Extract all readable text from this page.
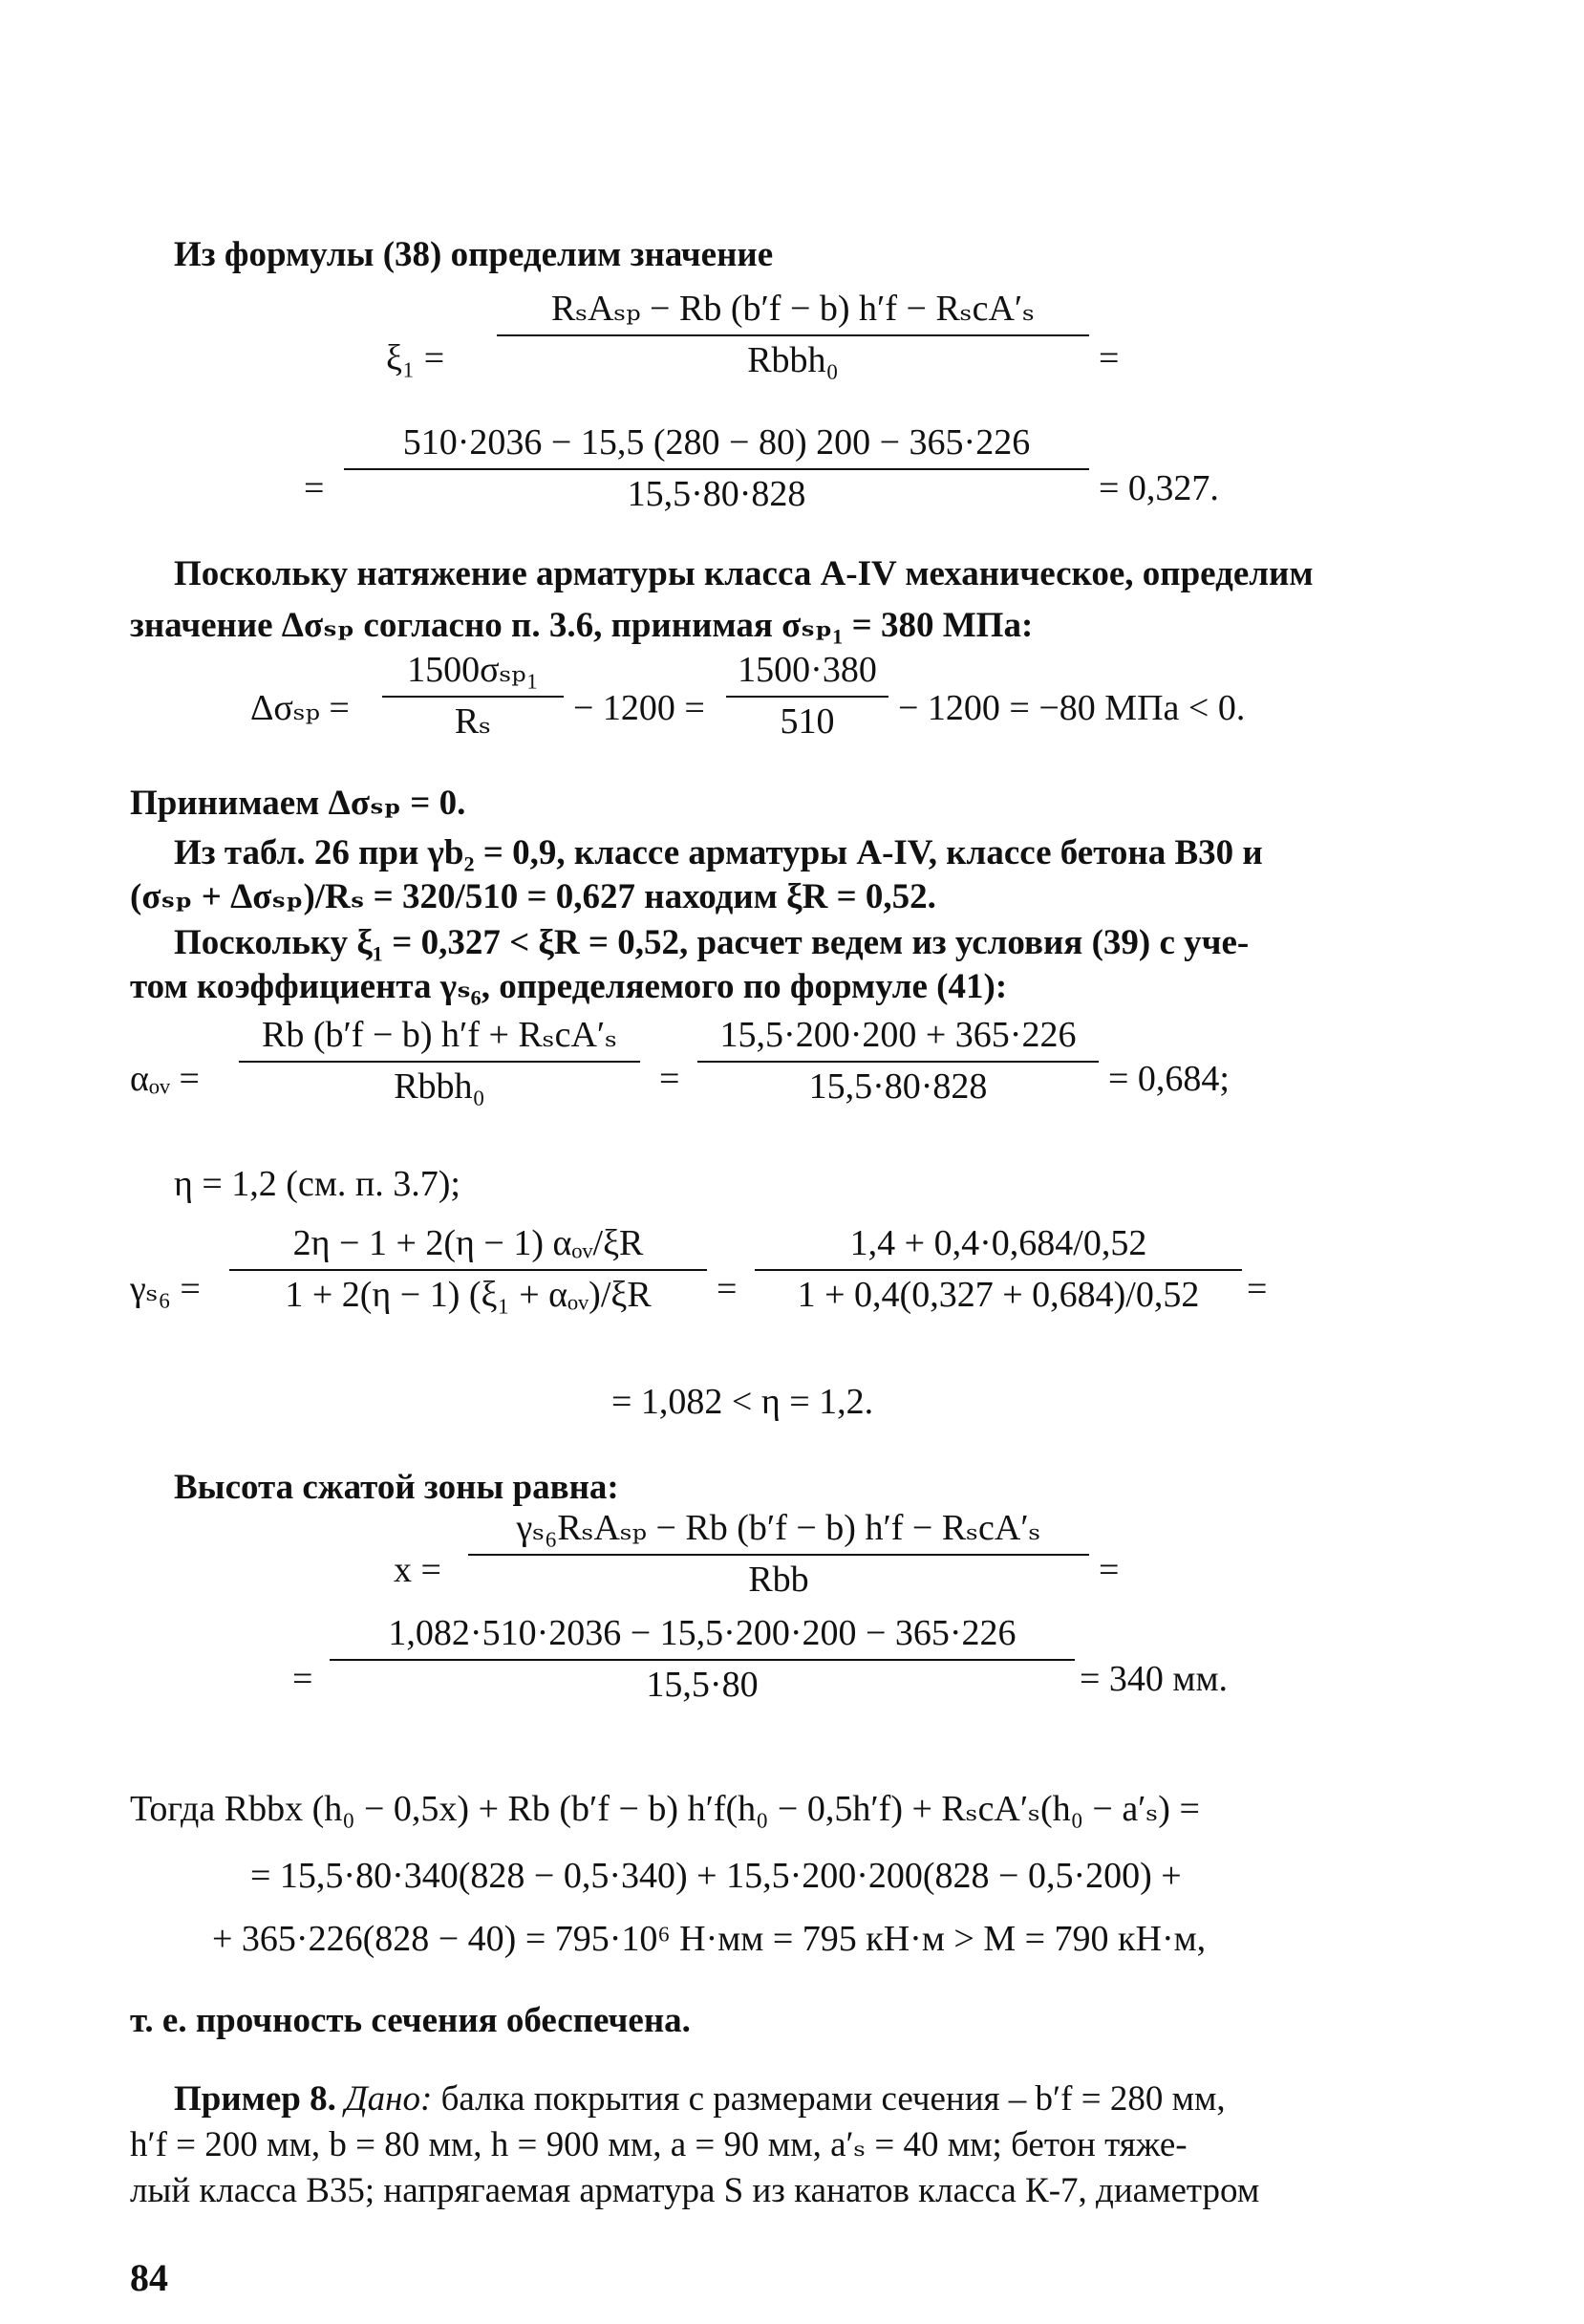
Из формулы (38) определим значение
ξ₁ =
RₛAₛₚ − Rb (b′f − b) h′f − RₛcA′ₛ
Rbbh₀	=
=
510·2036 − 15,5 (280 − 80) 200 − 365·226
15,5·80·828	= 0,327.
Поскольку натяжение арматуры класса A-IV механическое, определим
значение Δσₛₚ согласно п. 3.6, принимая σₛₚ₁ = 380 МПа:
Δσₛₚ =
1500σₛₚ₁
Rₛ − 1200 =
1500·380
510 − 1200 = −80 МПа < 0.
Принимаем Δσₛₚ = 0.
Из табл. 26 при γb₂ = 0,9, классе арматуры A-IV, классе бетона B30 и
(σₛₚ + Δσₛₚ)/Rₛ = 320/510 = 0,627 находим ξR = 0,52.
Поскольку ξ₁ = 0,327 < ξR = 0,52, расчет ведем из условия (39) с уче-
том коэффициента γₛ₆, определяемого по формуле (41):
αₒᵥ =
Rb (b′f − b) h′f + RₛcA′ₛ
Rbbh₀	=
15,5·200·200 + 365·226
15,5·80·828	= 0,684;
η = 1,2 (см. п. 3.7);
γₛ₆ =
2η − 1 + 2(η − 1) αₒᵥ/ξR
1 + 2(η − 1) (ξ₁ + αₒᵥ)/ξR =
1,4 + 0,4·0,684/0,52
1 + 0,4(0,327 + 0,684)/0,52 =
= 1,082 < η = 1,2.
Высота сжатой зоны равна:
x =
γₛ₆RₛAₛₚ − Rb (b′f − b) h′f − RₛcA′ₛ
Rbb	=
=
1,082·510·2036 − 15,5·200·200 − 365·226
15,5·80	= 340 мм.
Тогда Rbbx (h₀ − 0,5x) + Rb (b′f − b) h′f(h₀ − 0,5h′f) + RₛcA′ₛ(h₀ − a′ₛ) =
= 15,5·80·340(828 − 0,5·340) + 15,5·200·200(828 − 0,5·200) +
+ 365·226(828 − 40) = 795·10⁶ Н·мм = 795 кН·м > M = 790 кН·м,
т. е. прочность сечения обеспечена.
Пример 8. Дано: балка покрытия с размерами сечения – b′f = 280 мм,
h′f = 200 мм, b = 80 мм, h = 900 мм, a = 90 мм, a′ₛ = 40 мм; бетон тяже-
лый класса B35; напрягаемая арматура S из канатов класса К-7, диаметром
84
